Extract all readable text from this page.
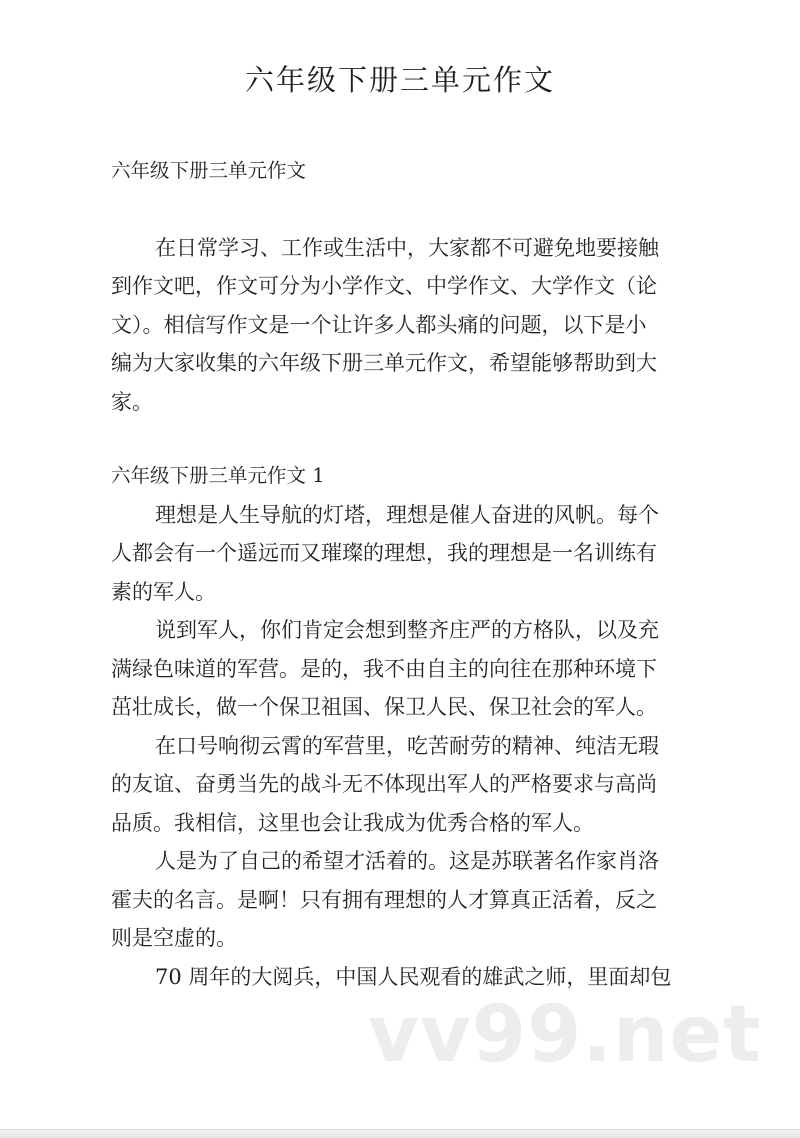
六年级下册三单元作文
六年级下册三单元作文
在日常学习、工作或生活中，大家都不可避免地要接触
到作文吧，作文可分为小学作文、中学作文、大学作文（论
文）。相信写作文是一个让许多人都头痛的问题，以下是小
编为大家收集的六年级下册三单元作文，希望能够帮助到大
家。
六年级下册三单元作文 1
理想是人生导航的灯塔，理想是催人奋进的风帆。每个
人都会有一个遥远而又璀璨的理想，我的理想是一名训练有
素的军人。
说到军人，你们肯定会想到整齐庄严的方格队，以及充
满绿色味道的军营。是的，我不由自主的向往在那种环境下
茁壮成长，做一个保卫祖国、保卫人民、保卫社会的军人。
在口号响彻云霄的军营里，吃苦耐劳的精神、纯洁无瑕
的友谊、奋勇当先的战斗无不体现出军人的严格要求与高尚
品质。我相信，这里也会让我成为优秀合格的军人。
人是为了自己的希望才活着的。这是苏联著名作家肖洛
霍夫的名言。是啊！只有拥有理想的人才算真正活着，反之
则是空虚的。
70 周年的大阅兵，中国人民观看的雄武之师，里面却包
vv99.net
